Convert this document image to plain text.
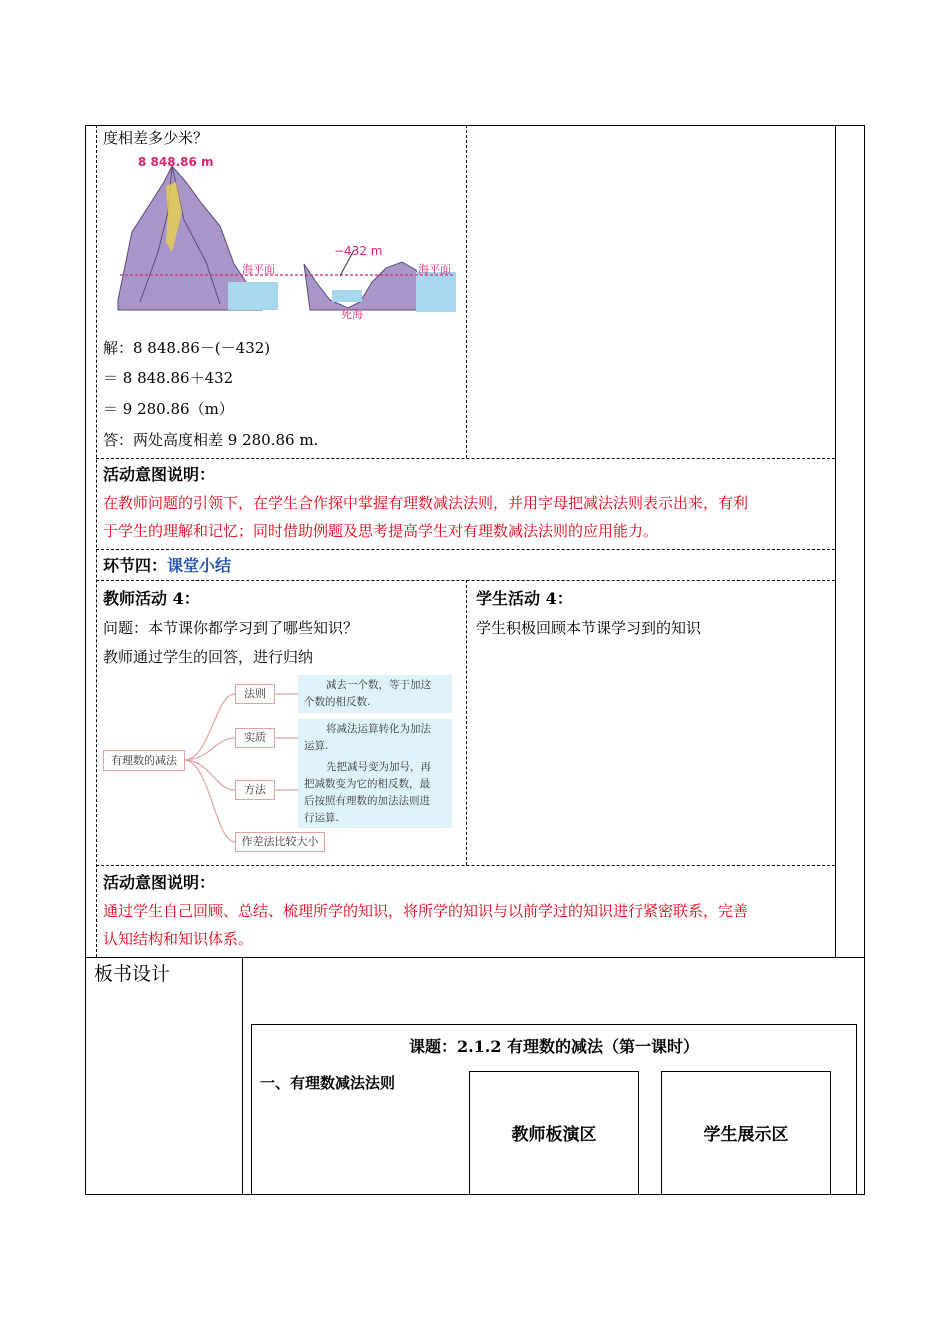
度相差多少米？
8 848.86 m
−432 m
海平面	海平面
死海
解：8 848.86－(－432)
＝ 8 848.86＋432
＝ 9 280.86（m）
答：两处高度相差 9 280.86 m.
活动意图说明：
在教师问题的引领下，在学生合作探中掌握有理数减法法则，并用字母把减法法则表示出来，有利
于学生的理解和记忆；同时借助例题及思考提高学生对有理数减法法则的应用能力。
环节四：课堂小结
教师活动 4：
问题：本节课你都学习到了哪些知识？
教师通过学生的回答，进行归纳
学生活动 4：
学生积极回顾本节课学习到的知识
有理数的减法
法则
实质
方法
作差法比较大小
减去一个数，等于加这
个数的相反数.
将减法运算转化为加法
运算.
先把减号变为加号，再
把减数变为它的相反数，最
后按照有理数的加法法则进
行运算.
活动意图说明：
通过学生自己回顾、总结、梳理所学的知识，将所学的知识与以前学过的知识进行紧密联系，完善
认知结构和知识体系。
板书设计
课题：2.1.2 有理数的减法（第一课时）
一、有理数减法法则
教师板演区	学生展示区
